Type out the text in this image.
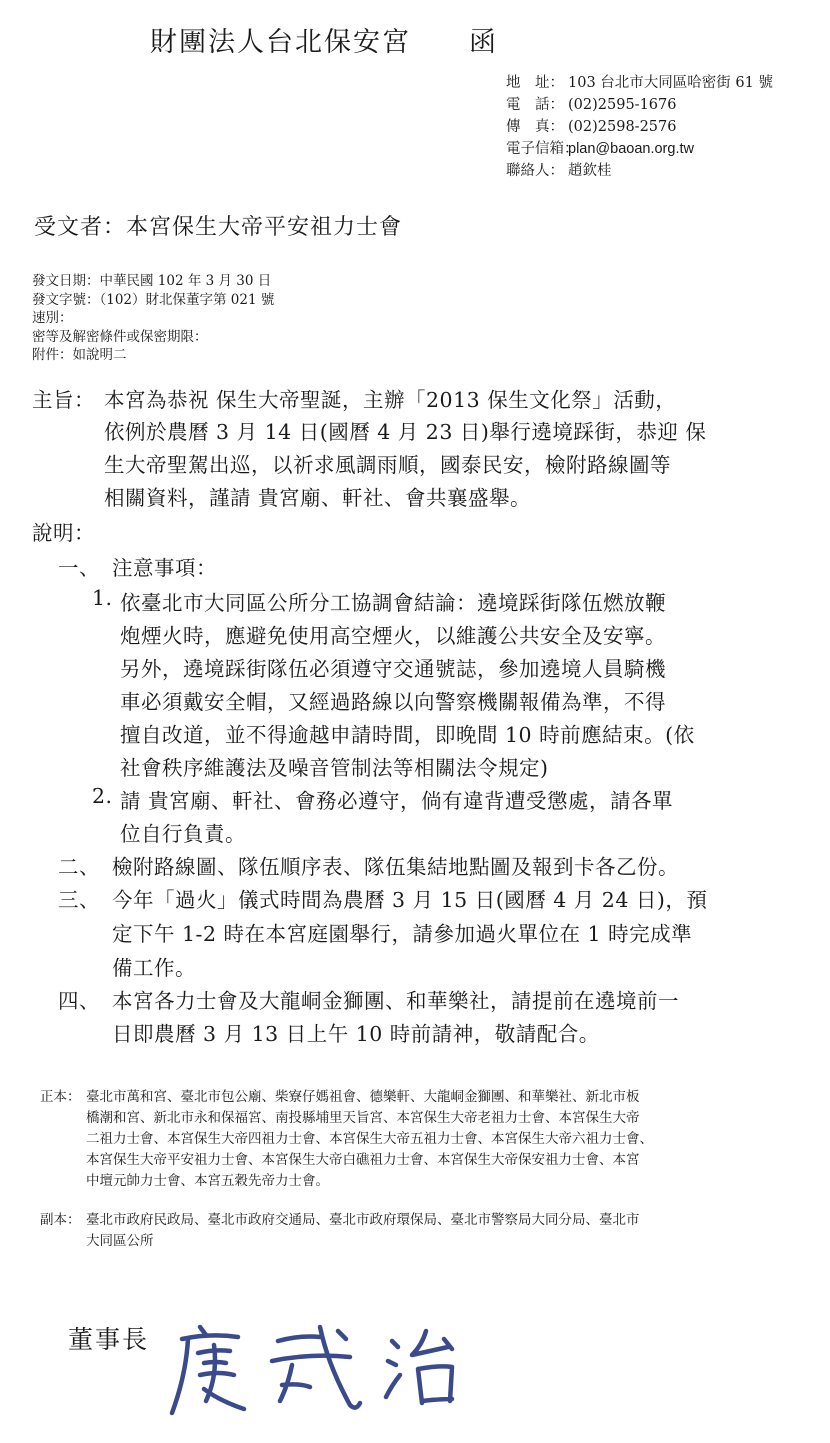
財團法人台北保安宮 函
地　址： 103 台北市大同區哈密街 61 號
電　話： (02)2595-1676
傳　真： (02)2598-2576
電子信箱：plan@baoan.org.tw
聯絡人： 趙欽桂
受文者：本宮保生大帝平安祖力士會
發文日期：中華民國 102 年 3 月 30 日
發文字號：（102）財北保董字第 021 號
速別：
密等及解密條件或保密期限：
附件：如說明二
主旨： 本宮為恭祝 保生大帝聖誕，主辦「2013 保生文化祭」活動，
依例於農曆 3 月 14 日(國曆 4 月 23 日)舉行遶境踩街，恭迎 保
生大帝聖駕出巡，以祈求風調雨順，國泰民安，檢附路線圖等
相關資料，謹請 貴宮廟、軒社、會共襄盛舉。
說明：
一、 注意事項：
1. 依臺北市大同區公所分工協調會結論：遶境踩街隊伍燃放鞭
炮煙火時，應避免使用高空煙火，以維護公共安全及安寧。
另外，遶境踩街隊伍必須遵守交通號誌，參加遶境人員騎機
車必須戴安全帽，又經過路線以向警察機關報備為準，不得
擅自改道，並不得逾越申請時間，即晚間 10 時前應結束。(依
社會秩序維護法及噪音管制法等相關法令規定)
2. 請 貴宮廟、軒社、會務必遵守，倘有違背遭受懲處，請各單
位自行負責。
二、 檢附路線圖、隊伍順序表、隊伍集結地點圖及報到卡各乙份。
三、 今年「過火」儀式時間為農曆 3 月 15 日(國曆 4 月 24 日)，預
定下午 1-2 時在本宮庭園舉行，請參加過火單位在 1 時完成準
備工作。
四、 本宮各力士會及大龍峒金獅團、和華樂社，請提前在遶境前一
日即農曆 3 月 13 日上午 10 時前請神，敬請配合。
正本： 臺北市萬和宮、臺北市包公廟、柴寮仔媽祖會、德樂軒、大龍峒金獅團、和華樂社、新北市板
橋潮和宮、新北市永和保福宮、南投縣埔里天旨宮、本宮保生大帝老祖力士會、本宮保生大帝
二祖力士會、本宮保生大帝四祖力士會、本宮保生大帝五祖力士會、本宮保生大帝六祖力士會、
本宮保生大帝平安祖力士會、本宮保生大帝白礁祖力士會、本宮保生大帝保安祖力士會、本宮
中壇元帥力士會、本宮五穀先帝力士會。
副本： 臺北市政府民政局、臺北市政府交通局、臺北市政府環保局、臺北市警察局大同分局、臺北市
大同區公所
董事長
